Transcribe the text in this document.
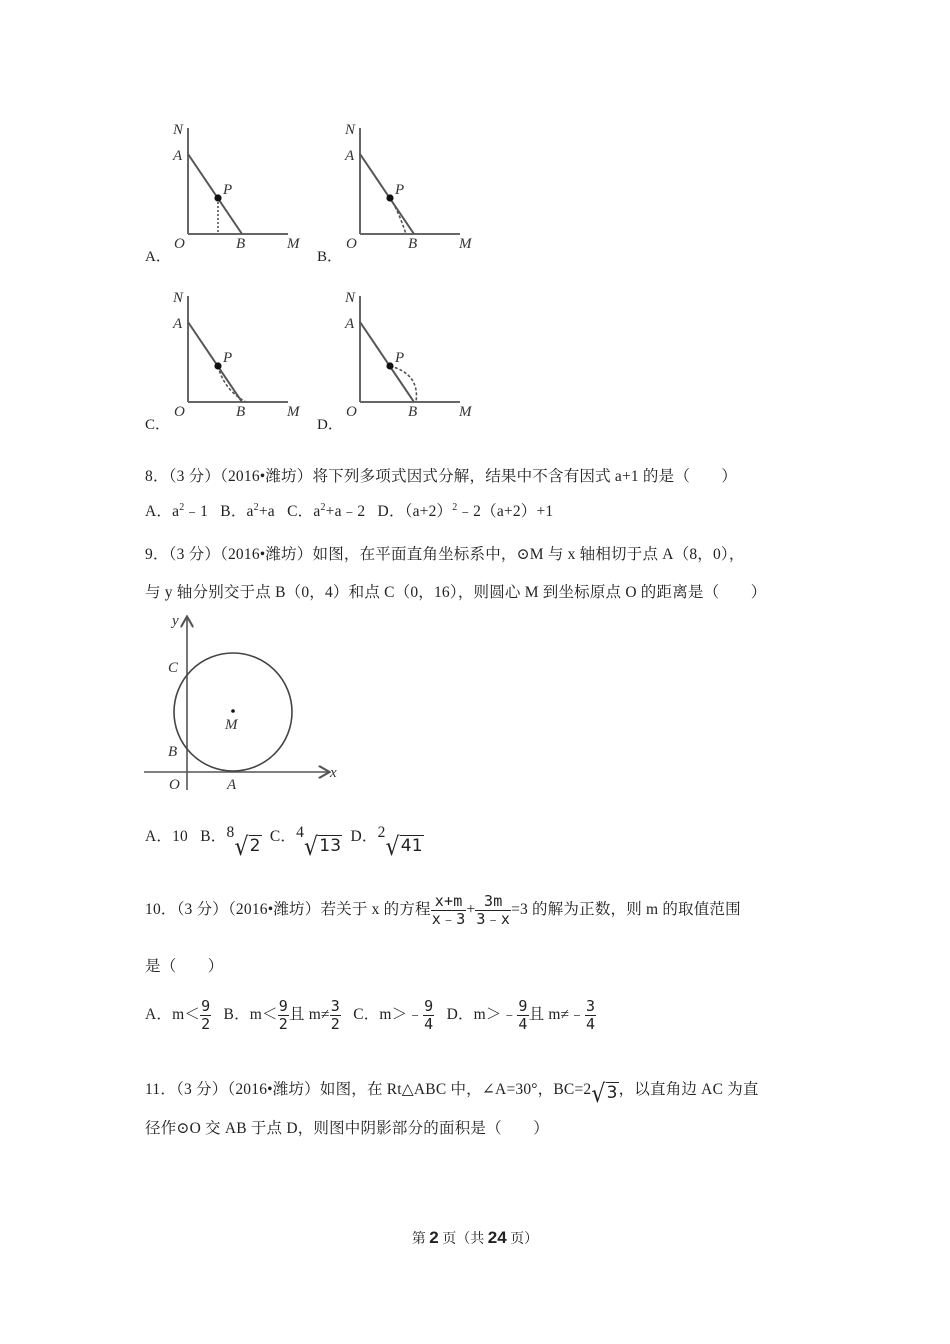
N
A
P
O	B	M
A．
N
A
P
O	B	M
B．
N
A
P
O	B	M
C．
N
A
P
O	B	M
D．
8．（3 分）（2016•潍坊）将下列多项式因式分解，结果中不含有因式 a+1 的是（　　）
A．$a^2﹣1$ B．$a^2+a$ C．$a^2+a﹣2$ D．$(a+2)^2﹣2(a+2)+1$
9．（3 分）（2016•潍坊）如图，在平面直角坐标系中，⊙M 与 x 轴相切于点 A（8，0），
与 y 轴分别交于点 B（0，4）和点 C（0，16），则圆心 M 到坐标原点 O 的距离是（　　）
y
x
C
M
B
O	A
A．10 B．8√2 C．4√13 D．2√41
10．（3 分）（2016•潍坊）若关于 x 的方程 $\frac{x+m}{x﹣3} + \frac{3m}{3﹣x} =3$ 的解为正数，则 m 的取值范围
是（　　）
A．$m< \frac{9}{2}$ B．$m< \frac{9}{2}$ 且 $m\ne \frac{3}{2}$ C．m＞﹣ $\frac{9}{4}$ D．m＞﹣ $\frac{9}{4}$ 且 m≠﹣ $\frac{3}{4}$
11．（3 分）（2016•潍坊）如图，在 Rt△ABC 中，∠A=30°，BC=2√3，以直角边 AC 为直
径作⊙O 交 AB 于点 D，则图中阴影部分的面积是（　　）
第 2 页（共 24 页）
